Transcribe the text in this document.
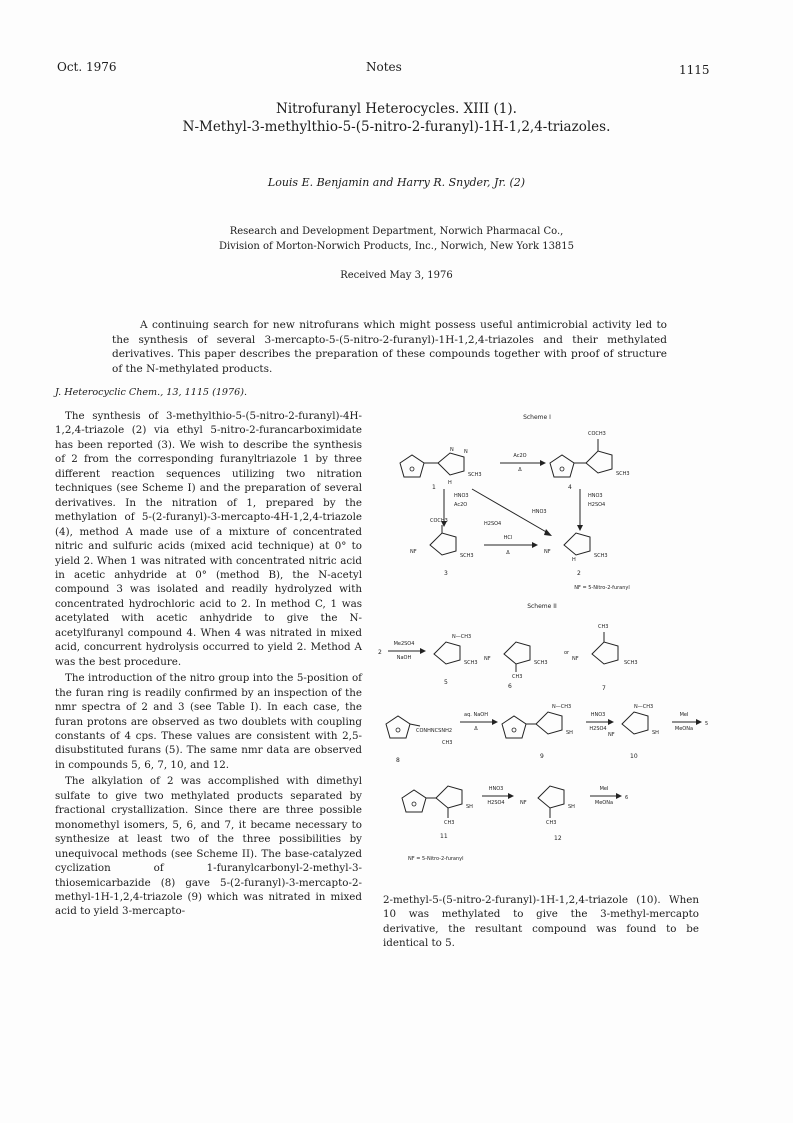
Oct. 1976	Notes	1115
Nitrofuranyl Heterocycles. XIII (1).
N-Methyl-3-methylthio-5-(5-nitro-2-furanyl)-1H-1,2,4-triazoles.
Louis E. Benjamin and Harry R. Snyder, Jr. (2)
Research and Development Department, Norwich Pharmacal Co.,
Division of Morton-Norwich Products, Inc., Norwich, New York 13815
Received May 3, 1976
A continuing search for new nitrofurans which might possess useful antimicrobial activity led to the synthesis of several 3-mercapto-5-(5-nitro-2-furanyl)-1H-1,2,4-triazoles and their methylated derivatives. This paper describes the preparation of these compounds together with proof of structure of the N-methylated products.
J. Heterocyclic Chem., 13, 1115 (1976).

The synthesis of 3-methylthio-5-(5-nitro-2-furanyl)-4H-1,2,4-triazole (2) via ethyl 5-nitro-2-furancarboximidate has been reported (3). We wish to describe the synthesis of 2 from the corresponding furanyltriazole 1 by three different reaction sequences utilizing two nitration techniques (see Scheme I) and the preparation of several derivatives. In the nitration of 1, prepared by the methylation of 5-(2-furanyl)-3-mercapto-4H-1,2,4-triazole (4), method A made use of a mixture of concentrated nitric and sulfuric acids (mixed acid technique) at 0° to yield 2. When 1 was nitrated with concentrated nitric acid in acetic anhydride at 0° (method B), the N-acetyl compound 3 was isolated and readily hydrolyzed with concentrated hydrochloric acid to 2. In method C, 1 was acetylated with acetic anhydride to give the N-acetylfuranyl compound 4. When 4 was nitrated in mixed acid, concurrent hydrolysis occurred to yield 2. Method A was the best procedure.

The introduction of the nitro group into the 5-position of the furan ring is readily confirmed by an inspection of the nmr spectra of 2 and 3 (see Table I). In each case, the furan protons are observed as two doublets with coupling constants of 4 cps. These values are consistent with 2,5-disubstituted furans (5). The same nmr data are observed in compounds 5, 6, 7, 10, and 12.

The alkylation of 2 was accomplished with dimethyl sulfate to give two methylated products separated by fractional crystallization. Since there are three possible monomethyl isomers, 5, 6, and 7, it became necessary to synthesize at least two of the three possibilities by unequivocal methods (see Scheme II). The base-catalyzed cyclization of 1-furanylcarbonyl-2-methyl-3-thiosemicarbazide (8) gave 5-(2-furanyl)-3-mercapto-2-methyl-1H-1,2,4-triazole (9) which was nitrated in mixed acid to yield 3-mercapto-

2-methyl-5-(5-nitro-2-furanyl)-1H-1,2,4-triazole (10). When 10 was methylated to give the 3-methyl-mercapto derivative, the resultant compound was found to be identical to 5.

Scheme I
N N
H
SCH3
1
Ac2O
Δ
COCH3
SCH3
4
HNO3
Ac2O
HNO3
H2SO4
HNO3
H2SO4
COCH3
NF
SCH3
3
HCl
Δ	NF
H
SCH3
2
NF = 5-Nitro-2-furanyl
Scheme II
2
Me2SO4
NaOH
N—CH3
SCH3
5
CH3
SCH3
NF
6
or
CH3
SCH3
NF
7
CONHNCSNH2
CH3
8
aq. NaOH
Δ
N—CH3
SH
9
HNO3
H2SO4
N—CH3
SH
NF
10
MeI
MeONa
5
CH3
SH
11
HNO3
H2SO4
CH3
SH
NF
12
MeI
MeONa
6
NF = 5-Nitro-2-furanyl
